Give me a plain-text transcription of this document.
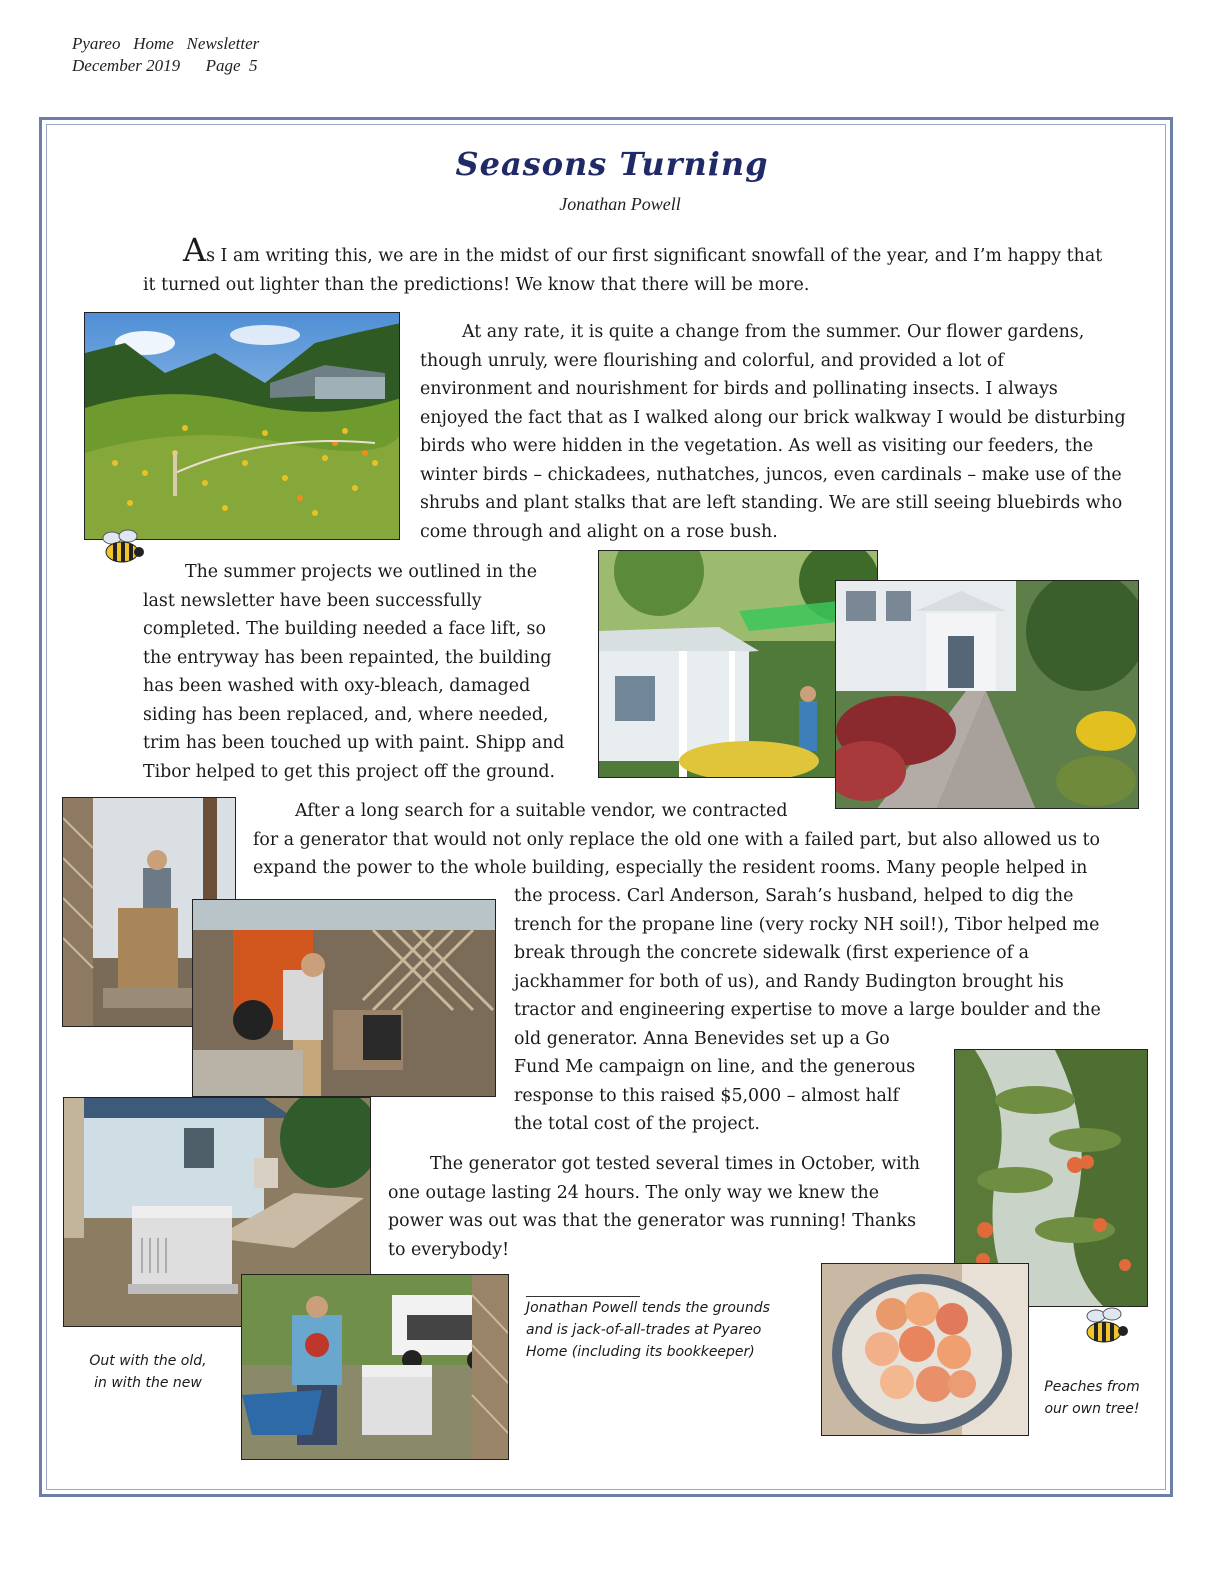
Pyareo   Home   Newsletter
December 2019      Page  5
Seasons Turning
Jonathan Powell
As I am writing this, we are in the midst of our first significant snowfall of the year, and I’m happy that
it turned out lighter than the predictions! We know that there will be more.
At any rate, it is quite a change from the summer. Our flower gardens,
though unruly, were flourishing and colorful, and provided a lot of
environment and nourishment for birds and pollinating insects. I always
enjoyed the fact that as I walked along our brick walkway I would be disturbing
birds who were hidden in the vegetation. As well as visiting our feeders, the
winter birds – chickadees, nuthatches, juncos, even cardinals – make use of the
shrubs and plant stalks that are left standing. We are still seeing bluebirds who
come through and alight on a rose bush.
The summer projects we outlined in the
last newsletter have been successfully
completed. The building needed a face lift, so
the entryway has been repainted, the building
has been washed with oxy-bleach, damaged
siding has been replaced, and, where needed,
trim has been touched up with paint. Shipp and
Tibor helped to get this project off the ground.
After a long search for a suitable vendor, we contracted
for a generator that would not only replace the old one with a failed part, but also allowed us to
expand the power to the whole building, especially the resident rooms. Many people helped in
the process. Carl Anderson, Sarah’s husband, helped to dig the
trench for the propane line (very rocky NH soil!), Tibor helped me
break through the concrete sidewalk (first experience of a
jackhammer for both of us), and Randy Budington brought his
tractor and engineering expertise to move a large boulder and the
old generator. Anna Benevides set up a Go
Fund Me campaign on line, and the generous
response to this raised $5,000 – almost half
the total cost of the project.
The generator got tested several times in October, with
one outage lasting 24 hours. The only way we knew the
power was out was that the generator was running! Thanks
to everybody!
Jonathan Powell tends the grounds
and is jack-of-all-trades at Pyareo
Home (including its bookkeeper)
Out with the old,
in with the new	Peaches from
our own tree!
